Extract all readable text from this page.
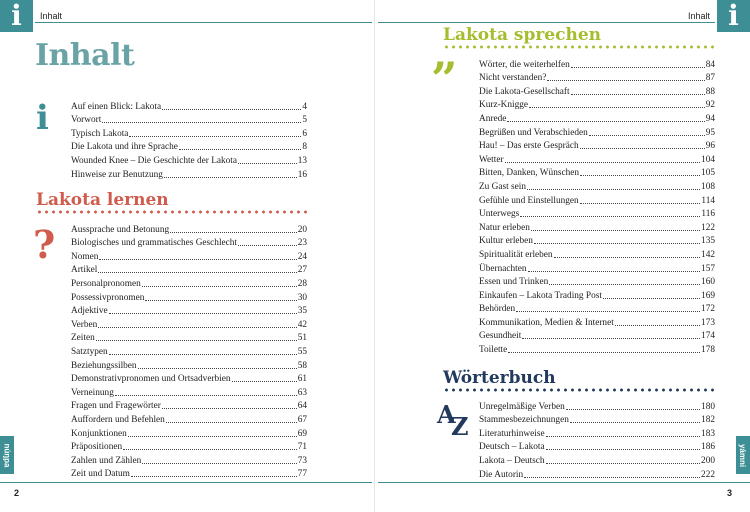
i	Inhalt
Inhalt
i Auf einen Blick: Lakota	4
Vorwort	5
Typisch Lakota	6
Die Lakota und ihre Sprache	8
Wounded Knee – Die Geschichte der Lakota	13
Hinweise zur Benutzung	16
Lakota lernen
? Aussprache und Betonung	20
Biologisches und grammatisches Geschlecht	23
Nomen	24
Artikel	27
Personalpronomen	28
Possessivpronomen	30
Adjektive	35
Verben	42
Zeiten	51
Satztypen	55
Beziehungssilben	58
Demonstrativpronomen und Ortsadverbien	61
Verneinung	63
Fragen und Fragewörter	64
Auffordern und Befehlen	67
Konjunktionen	69
Präpositionen	71
Zahlen und Zählen	73
Zeit und Datum	77
núŋpa
2
i
Inhalt
Lakota sprechen
” Wörter, die weiterhelfen	84
Nicht verstanden?	87
Die Lakota-Gesellschaft	88
Kurz-Knigge	92
Anrede	94
Begrüßen und Verabschieden	95
Hau! – Das erste Gespräch	96
Wetter	104
Bitten, Danken, Wünschen	105
Zu Gast sein	108
Gefühle und Einstellungen	114
Unterwegs	116
Natur erleben	122
Kultur erleben	135
Spiritualität erleben	142
Übernachten	157
Essen und Trinken	160
Einkaufen – Lakota Trading Post	169
Behörden	172
Kommunikation, Medien & Internet	173
Gesundheit	174
Toilette	178
Wörterbuch
A
Z
Unregelmäßige Verben	180
Stammesbezeichnungen	182
Literaturhinweise	183
Deutsch – Lakota	186
Lakota – Deutsch	200
Die Autorin	222
yámni
3
